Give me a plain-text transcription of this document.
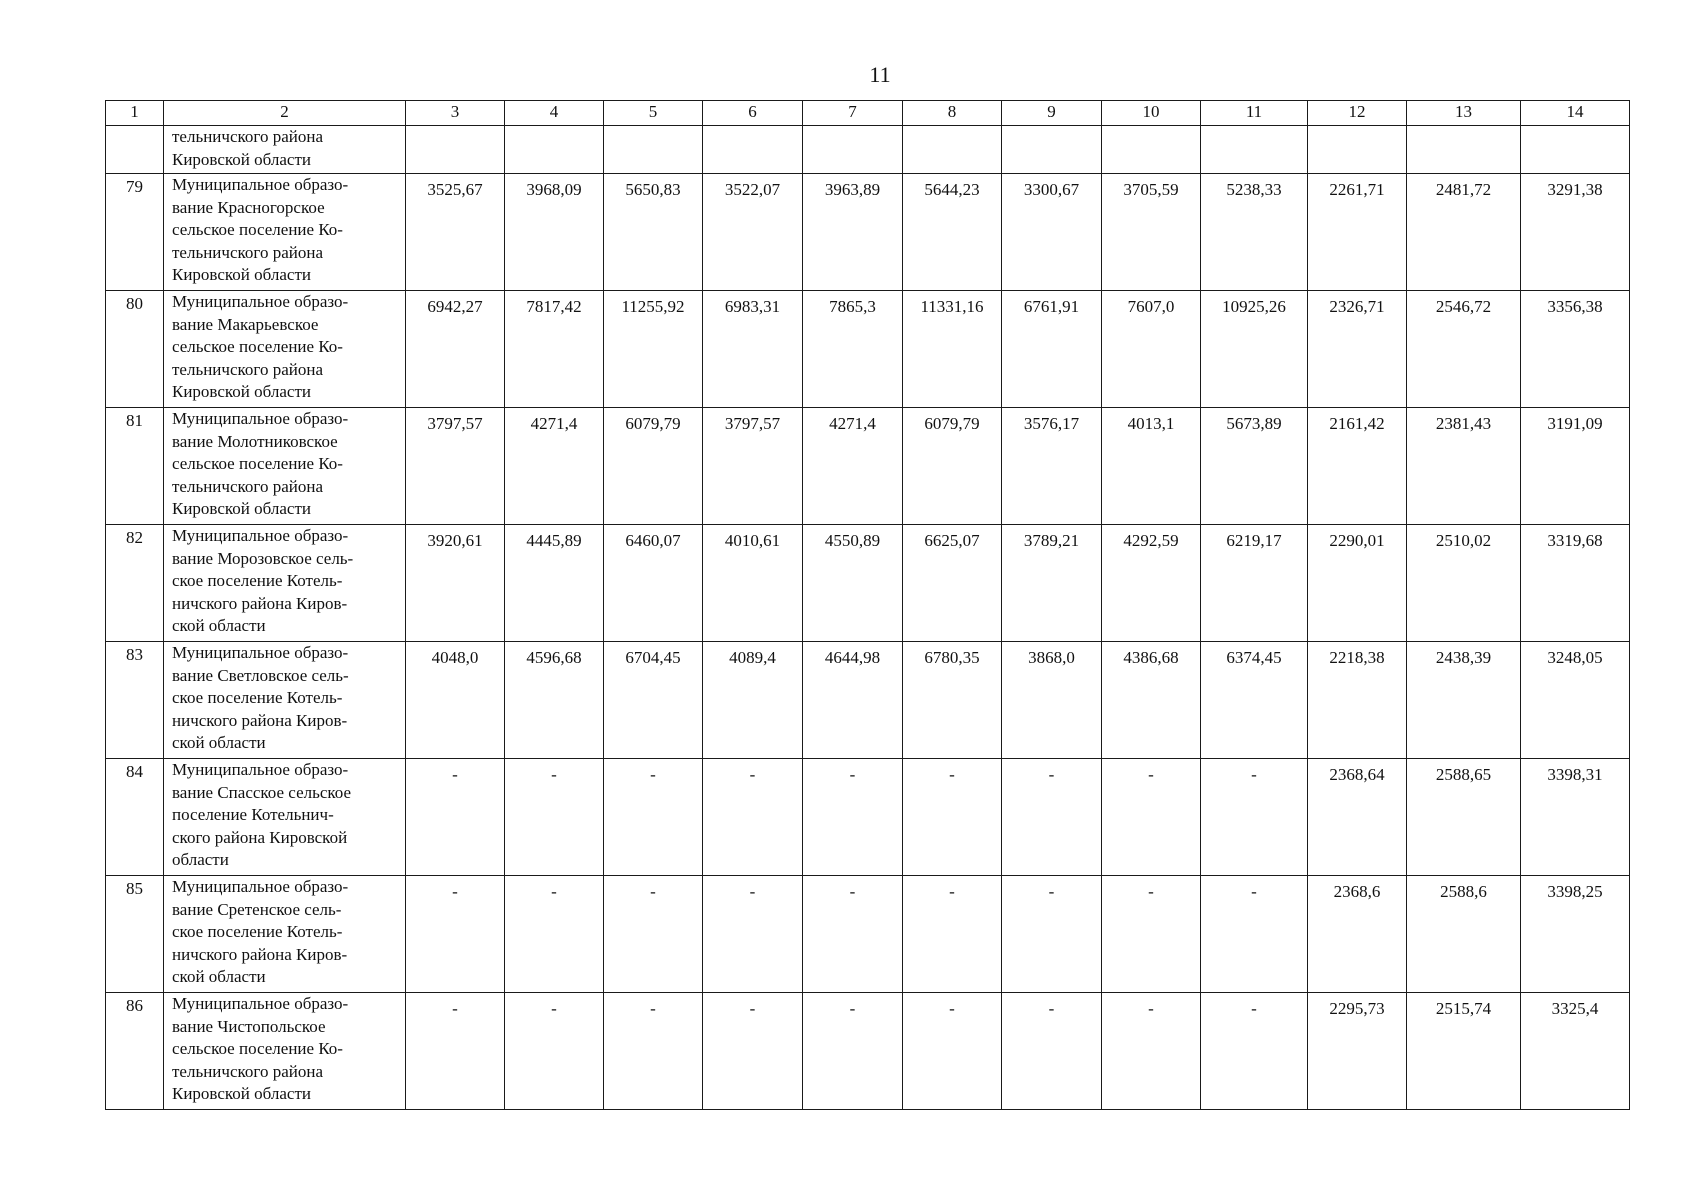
11
1	2	3	4	5	6	7	8	9	10	11	12	13	14
	тельничского района
Кировской области												
79	Муниципальное образо-
вание Красногорское
сельское поселение Ко-
тельничского района
Кировской области	3525,67	3968,09	5650,83	3522,07	3963,89	5644,23	3300,67	3705,59	5238,33	2261,71	2481,72	3291,38
80	Муниципальное образо-
вание Макарьевское
сельское поселение Ко-
тельничского района
Кировской области	6942,27	7817,42	11255,92	6983,31	7865,3	11331,16	6761,91	7607,0	10925,26	2326,71	2546,72	3356,38
81	Муниципальное образо-
вание Молотниковское
сельское поселение Ко-
тельничского района
Кировской области	3797,57	4271,4	6079,79	3797,57	4271,4	6079,79	3576,17	4013,1	5673,89	2161,42	2381,43	3191,09
82	Муниципальное образо-
вание Морозовское сель-
ское поселение Котель-
ничского района Киров-
ской области	3920,61	4445,89	6460,07	4010,61	4550,89	6625,07	3789,21	4292,59	6219,17	2290,01	2510,02	3319,68
83	Муниципальное образо-
вание Светловское сель-
ское поселение Котель-
ничского района Киров-
ской области	4048,0	4596,68	6704,45	4089,4	4644,98	6780,35	3868,0	4386,68	6374,45	2218,38	2438,39	3248,05
84	Муниципальное образо-
вание Спасское сельское
поселение Котельнич-
ского района Кировской
области	-	-	-	-	-	-	-	-	-	2368,64	2588,65	3398,31
85	Муниципальное образо-
вание Сретенское сель-
ское поселение Котель-
ничского района Киров-
ской области	-	-	-	-	-	-	-	-	-	2368,6	2588,6	3398,25
86	Муниципальное образо-
вание Чистопольское
сельское поселение Ко-
тельничского района
Кировской области	-	-	-	-	-	-	-	-	-	2295,73	2515,74	3325,4
